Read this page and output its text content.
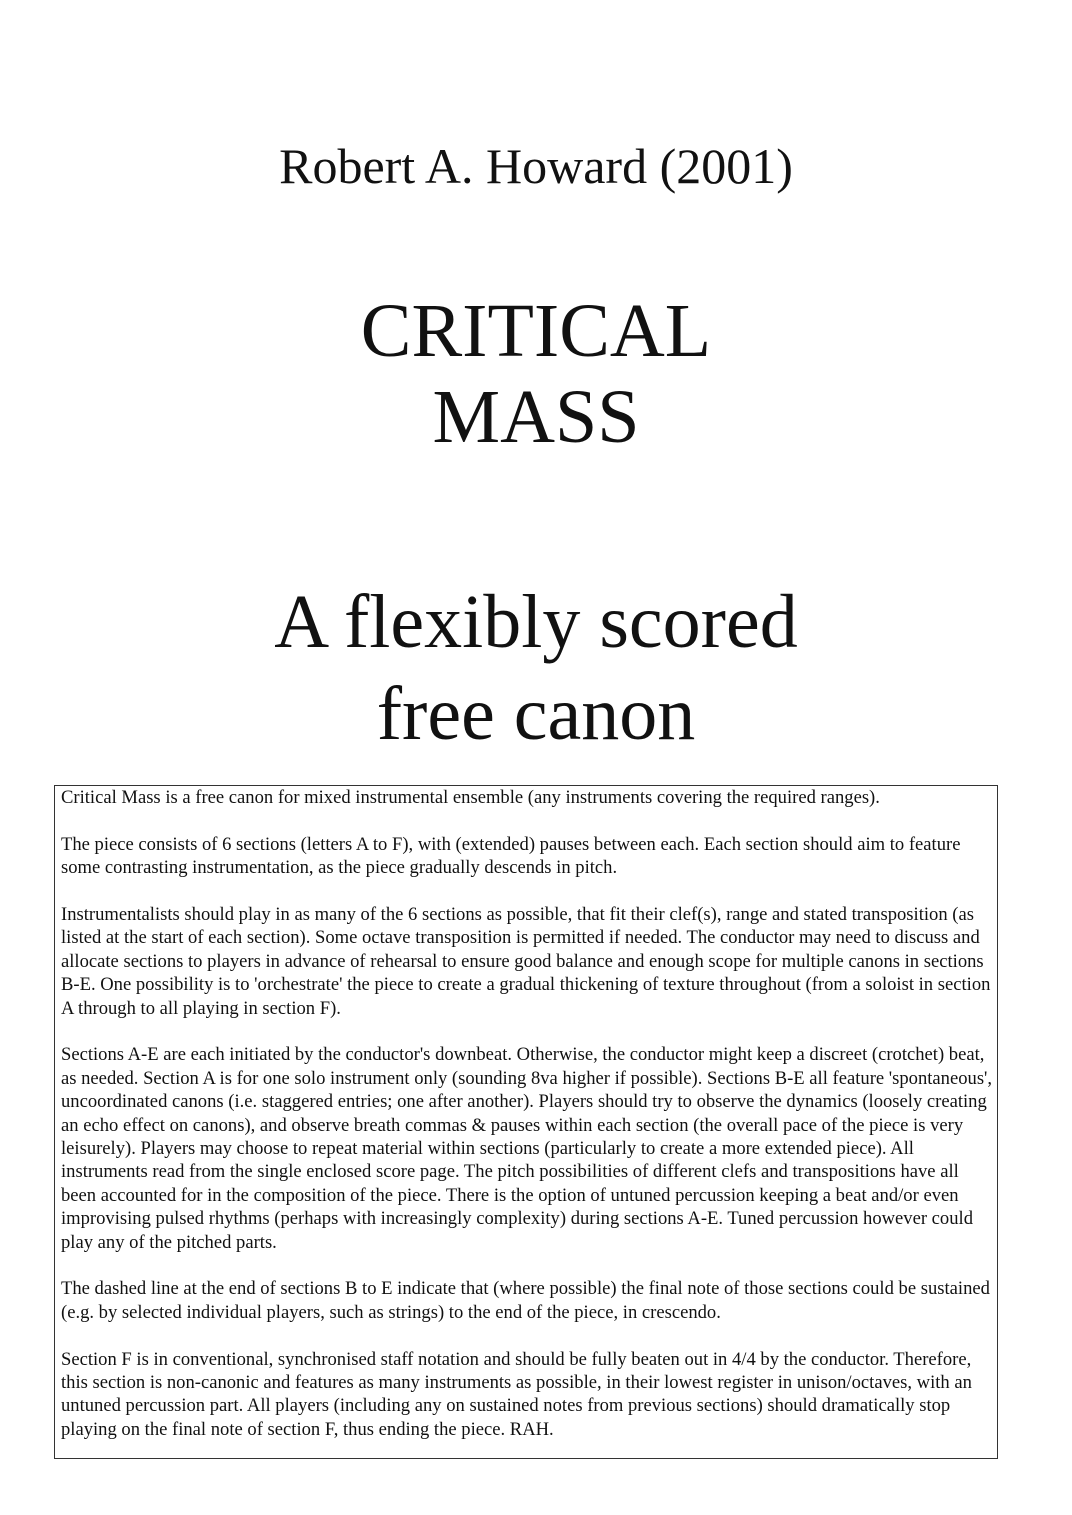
Robert A. Howard (2001)
CRITICAL
MASS
A flexibly scored
free canon

Critical Mass is a free canon for mixed instrumental ensemble (any instruments covering the required ranges).

The piece consists of 6 sections (letters A to F), with (extended) pauses between each. Each section should aim to feature some contrasting instrumentation, as the piece gradually descends in pitch.

Instrumentalists should play in as many of the 6 sections as possible, that fit their clef(s), range and stated transposition (as listed at the start of each section). Some octave transposition is permitted if needed. The conductor may need to discuss and allocate sections to players in advance of rehearsal to ensure good balance and enough scope for multiple canons in sections B-E. One possibility is to 'orchestrate' the piece to create a gradual thickening of texture throughout (from a soloist in section A through to all playing in section F).

Sections A-E are each initiated by the conductor's downbeat. Otherwise, the conductor might keep a discreet (crotchet) beat, as needed. Section A is for one solo instrument only (sounding 8va higher if possible). Sections B-E all feature 'spontaneous', uncoordinated canons (i.e. staggered entries; one after another). Players should try to observe the dynamics (loosely creating an echo effect on canons), and observe breath commas & pauses within each section (the overall pace of the piece is very leisurely). Players may choose to repeat material within sections (particularly to create a more extended piece). All instruments read from the single enclosed score page. The pitch possibilities of different clefs and transpositions have all been accounted for in the composition of the piece. There is the option of untuned percussion keeping a beat and/or even improvising pulsed rhythms (perhaps with increasingly complexity) during sections A-E. Tuned percussion however could play any of the pitched parts.

The dashed line at the end of sections B to E indicate that (where possible) the final note of those sections could be sustained (e.g. by selected individual players, such as strings) to the end of the piece, in crescendo.

Section F is in conventional, synchronised staff notation and should be fully beaten out in 4/4 by the conductor. Therefore, this section is non-canonic and features as many instruments as possible, in their lowest register in unison/octaves, with an untuned percussion part. All players (including any on sustained notes from previous sections) should dramatically stop playing on the final note of section F, thus ending the piece. RAH.
